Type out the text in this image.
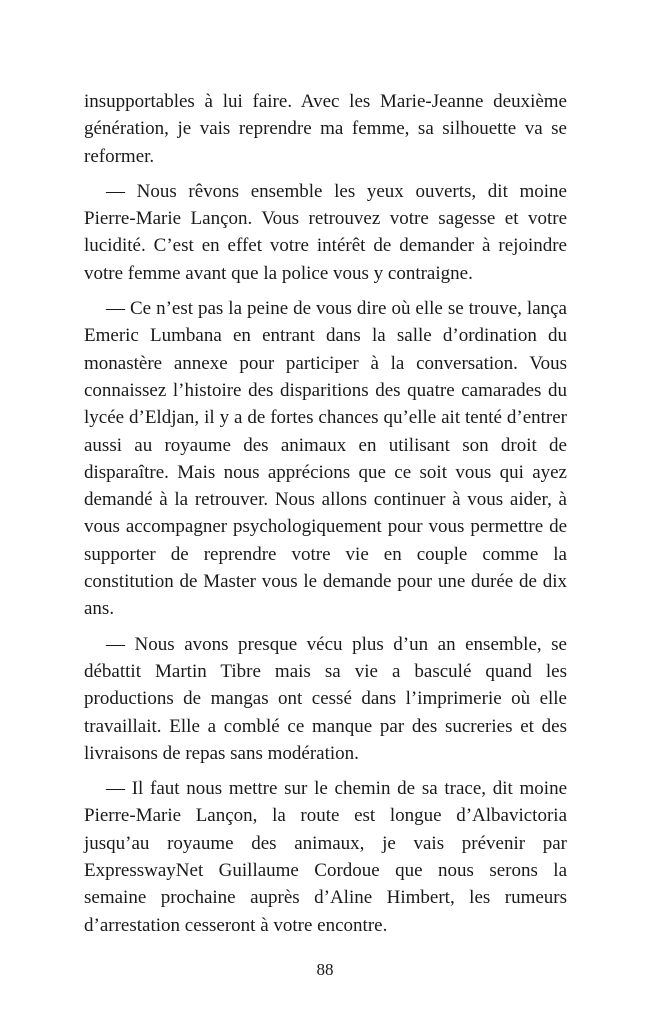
insupportables à lui faire. Avec les Marie-Jeanne deuxième génération, je vais reprendre ma femme, sa silhouette va se reformer.

— Nous rêvons ensemble les yeux ouverts, dit moine Pierre-Marie Lançon. Vous retrouvez votre sagesse et votre lucidité. C’est en effet votre intérêt de demander à rejoindre votre femme avant que la police vous y contraigne.

— Ce n’est pas la peine de vous dire où elle se trouve, lança Emeric Lumbana en entrant dans la salle d’ordination du monastère annexe pour participer à la conversation. Vous connaissez l’histoire des disparitions des quatre camarades du lycée d’Eldjan, il y a de fortes chances qu’elle ait tenté d’entrer aussi au royaume des animaux en utilisant son droit de disparaître. Mais nous apprécions que ce soit vous qui ayez demandé à la retrouver. Nous allons continuer à vous aider, à vous accompagner psychologiquement pour vous permettre de supporter de reprendre votre vie en couple comme la constitution de Master vous le demande pour une durée de dix ans.

— Nous avons presque vécu plus d’un an ensemble, se débattit Martin Tibre mais sa vie a basculé quand les productions de mangas ont cessé dans l’imprimerie où elle travaillait. Elle a comblé ce manque par des sucreries et des livraisons de repas sans modération.

— Il faut nous mettre sur le chemin de sa trace, dit moine Pierre-Marie Lançon, la route est longue d’Albavictoria jusqu’au royaume des animaux, je vais prévenir par ExpresswayNet Guillaume Cordoue que nous serons la semaine prochaine auprès d’Aline Himbert, les rumeurs d’arrestation cesseront à votre encontre.

88
